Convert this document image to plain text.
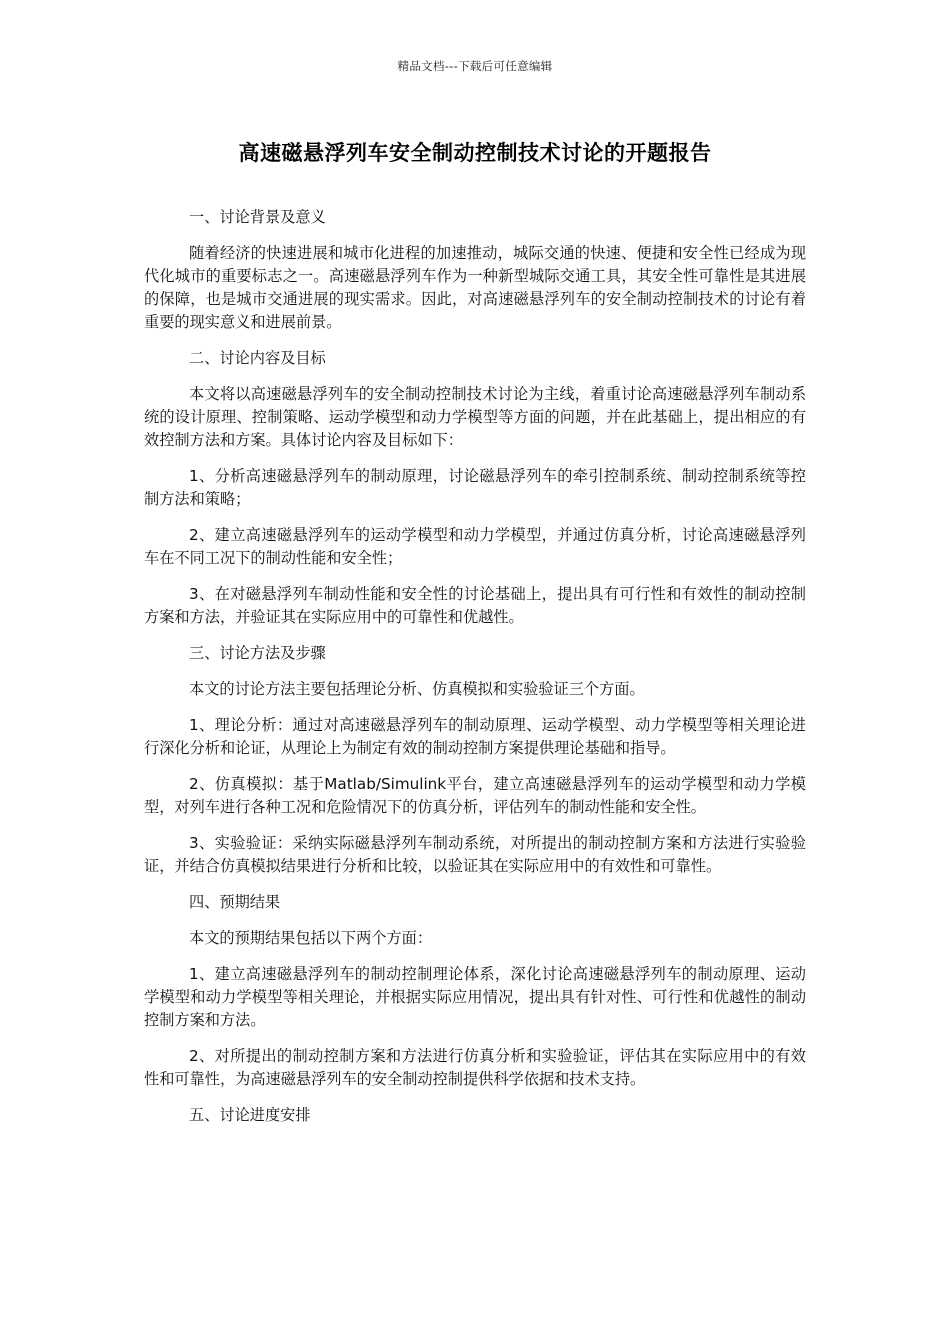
精品文档---下载后可任意编辑
高速磁悬浮列车安全制动控制技术讨论的开题报告

一、讨论背景及意义

随着经济的快速进展和城市化进程的加速推动，城际交通的快速、便捷和安全性已经成为现代化城市的重要标志之一。高速磁悬浮列车作为一种新型城际交通工具，其安全性可靠性是其进展的保障，也是城市交通进展的现实需求。因此，对高速磁悬浮列车的安全制动控制技术的讨论有着重要的现实意义和进展前景。

二、讨论内容及目标

本文将以高速磁悬浮列车的安全制动控制技术讨论为主线，着重讨论高速磁悬浮列车制动系统的设计原理、控制策略、运动学模型和动力学模型等方面的问题，并在此基础上，提出相应的有效控制方法和方案。具体讨论内容及目标如下：

1、分析高速磁悬浮列车的制动原理，讨论磁悬浮列车的牵引控制系统、制动控制系统等控制方法和策略；

2、建立高速磁悬浮列车的运动学模型和动力学模型，并通过仿真分析，讨论高速磁悬浮列车在不同工况下的制动性能和安全性；

3、在对磁悬浮列车制动性能和安全性的讨论基础上，提出具有可行性和有效性的制动控制方案和方法，并验证其在实际应用中的可靠性和优越性。

三、讨论方法及步骤

本文的讨论方法主要包括理论分析、仿真模拟和实验验证三个方面。

1、理论分析：通过对高速磁悬浮列车的制动原理、运动学模型、动力学模型等相关理论进行深化分析和论证，从理论上为制定有效的制动控制方案提供理论基础和指导。

2、仿真模拟：基于Matlab/Simulink平台，建立高速磁悬浮列车的运动学模型和动力学模型，对列车进行各种工况和危险情况下的仿真分析，评估列车的制动性能和安全性。

3、实验验证：采纳实际磁悬浮列车制动系统，对所提出的制动控制方案和方法进行实验验证，并结合仿真模拟结果进行分析和比较，以验证其在实际应用中的有效性和可靠性。

四、预期结果

本文的预期结果包括以下两个方面：

1、建立高速磁悬浮列车的制动控制理论体系，深化讨论高速磁悬浮列车的制动原理、运动学模型和动力学模型等相关理论，并根据实际应用情况，提出具有针对性、可行性和优越性的制动控制方案和方法。

2、对所提出的制动控制方案和方法进行仿真分析和实验验证，评估其在实际应用中的有效性和可靠性，为高速磁悬浮列车的安全制动控制提供科学依据和技术支持。

五、讨论进度安排
